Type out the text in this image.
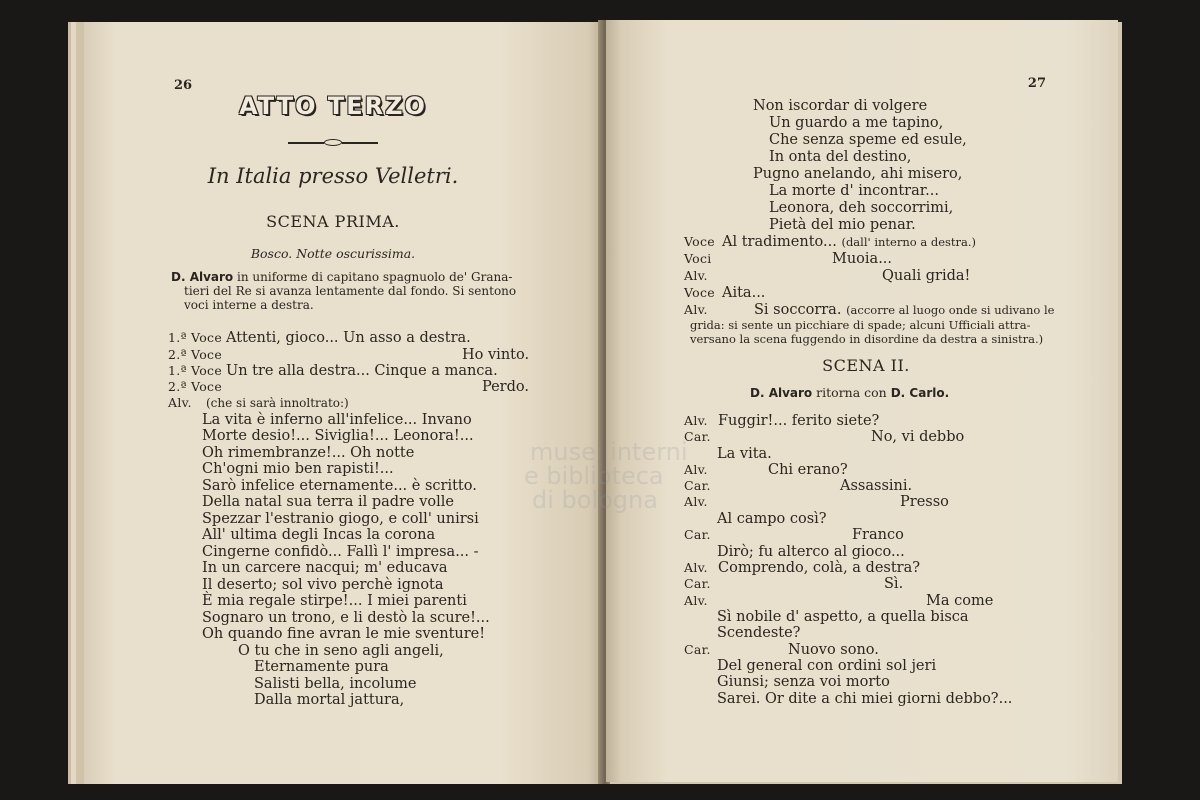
26
ATTO TERZO
In Italia presso Velletri.
SCENA PRIMA.
Bosco. Notte oscurissima.
D. Alvaro in uniforme di capitano spagnuolo de' Grana-
tieri del Re si avanza lentamente dal fondo. Si sentono
voci interne a destra.
1.ª Voce Attenti, gioco... Un asso a destra.
2.ª Voce	Ho vinto.
1.ª Voce Un tre alla destra... Cinque a manca.
2.ª Voce	Perdo.
Alv. (che si sarà innoltrato:)
La vita è inferno all'infelice... Invano
Morte desio!... Siviglia!... Leonora!...
Oh rimembranze!... Oh notte
Ch'ogni mio ben rapisti!...
Sarò infelice eternamente... è scritto.
Della natal sua terra il padre volle
Spezzar l'estranio giogo, e coll' unirsi
All' ultima degli Incas la corona
Cingerne confidò... Fallì l' impresa... -
In un carcere nacqui; m' educava
Il deserto; sol vivo perchè ignota
È mia regale stirpe!... I miei parenti
Sognaro un trono, e li destò la scure!...
Oh quando fine avran le mie sventure!
O tu che in seno agli angeli,
Eternamente pura
Salisti bella, incolume
Dalla mortal jattura,
27
Non iscordar di volgere
Un guardo a me tapino,
Che senza speme ed esule,
In onta del destino,
Pugno anelando, ahi misero,
La morte d' incontrar...
Leonora, deh soccorrimi,
Pietà del mio penar.
Voce Al tradimento... (dall' interno a destra.)
Voci	Muoia...
Alv.	Quali grida!
Voce Aita...
Alv.	Si soccorra. (accorre al luogo onde si udivano le
grida: si sente un picchiare di spade; alcuni Ufficiali attra-
versano la scena fuggendo in disordine da destra a sinistra.)
SCENA II.
D. Alvaro ritorna con D. Carlo.
Alv. Fuggir!... ferito siete?
Car.	No, vi debbo
La vita.
Alv.	Chi erano?
Car.	Assassini.
Alv.	Presso
Al campo così?
Car.	Franco
Dirò; fu alterco al gioco...
Alv. Comprendo, colà, a destra?
Car.	Sì.
Alv.	Ma come
Sì nobile d' aspetto, a quella bisca
Scendeste?
Car.	Nuovo sono.
Del general con ordini sol jeri
Giunsi; senza voi morto
Sarei. Or dite a chi miei giorni debbo?...
musei interni
e biblioteca
di bologna
